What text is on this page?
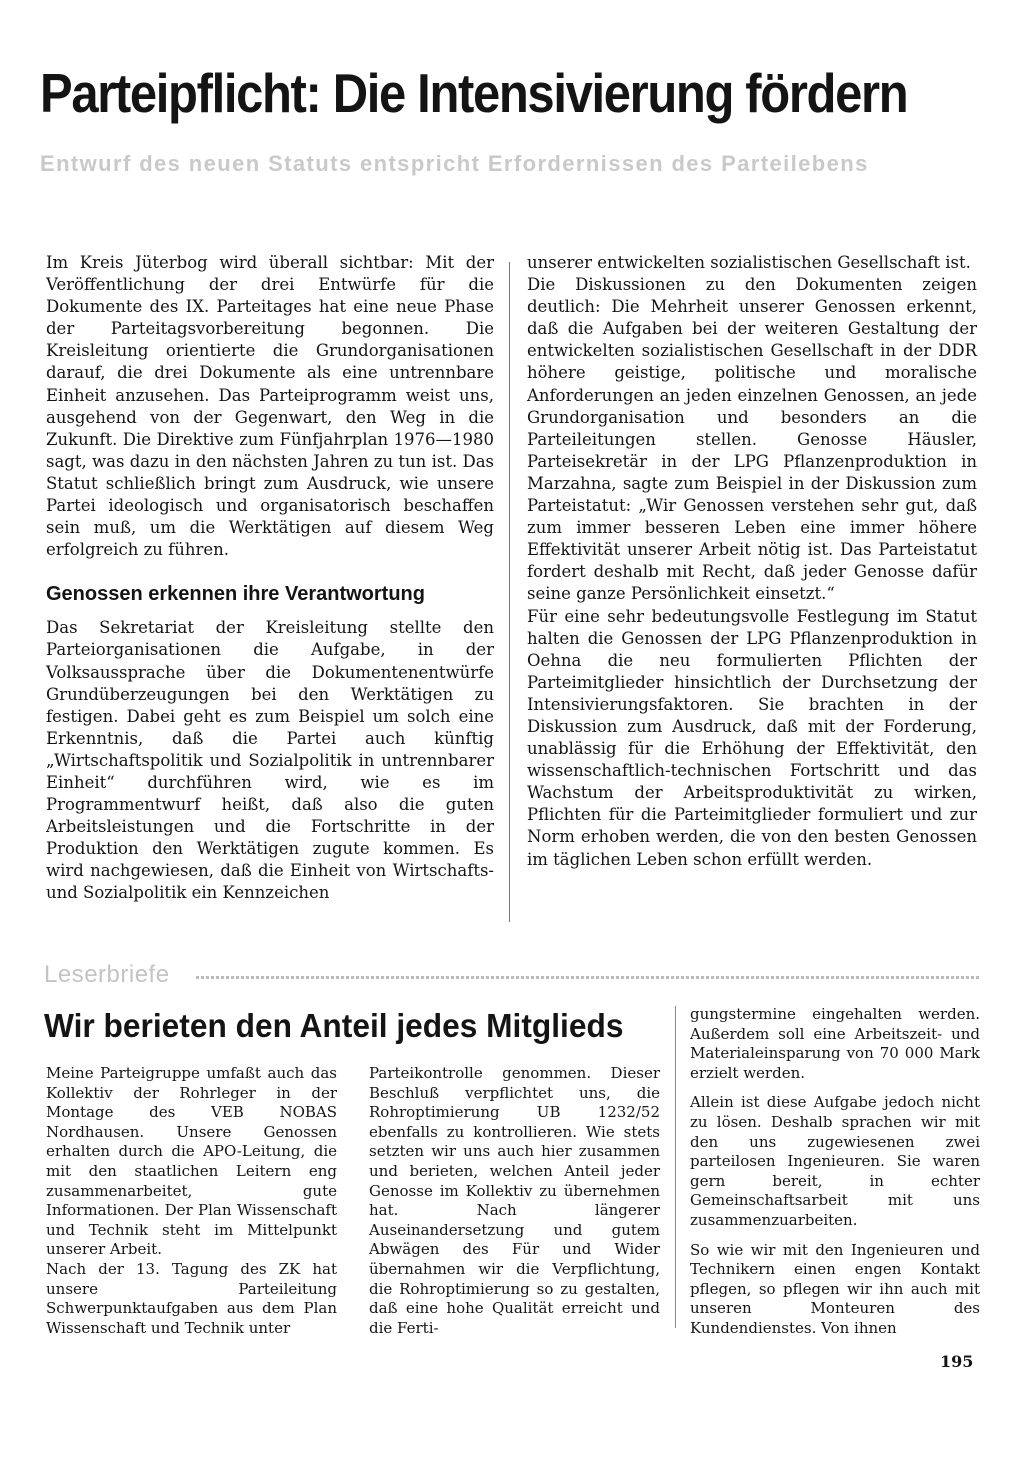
Parteipflicht: Die Intensivierung fördern

Entwurf des neuen Statuts entspricht Erfordernissen des Parteilebens

Im Kreis Jüterbog wird überall sichtbar: Mit der Veröffentlichung der drei Entwürfe für die Dokumente des IX. Parteitages hat eine neue Phase der Parteitagsvorbereitung begonnen. Die Kreisleitung orientierte die Grundorganisationen darauf, die drei Dokumente als eine untrennbare Einheit anzusehen. Das Parteiprogramm weist uns, ausgehend von der Gegenwart, den Weg in die Zukunft. Die Direktive zum Fünfjahrplan 1976—1980 sagt, was dazu in den nächsten Jahren zu tun ist. Das Statut schließlich bringt zum Ausdruck, wie unsere Partei ideologisch und organisatorisch beschaffen sein muß, um die Werktätigen auf diesem Weg erfolgreich zu führen.

Genossen erkennen ihre Verantwortung

Das Sekretariat der Kreisleitung stellte den Parteiorganisationen die Aufgabe, in der Volksaussprache über die Dokumentenentwürfe Grundüberzeugungen bei den Werktätigen zu festigen. Dabei geht es zum Beispiel um solch eine Erkenntnis, daß die Partei auch künftig „Wirtschaftspolitik und Sozialpolitik in untrennbarer Einheit“ durchführen wird, wie es im Programmentwurf heißt, daß also die guten Arbeitsleistungen und die Fortschritte in der Produktion den Werktätigen zugute kommen. Es wird nachgewiesen, daß die Einheit von Wirtschafts- und Sozialpolitik ein Kennzeichen

unserer entwickelten sozialistischen Gesellschaft ist.

Die Diskussionen zu den Dokumenten zeigen deutlich: Die Mehrheit unserer Genossen erkennt, daß die Aufgaben bei der weiteren Gestaltung der entwickelten sozialistischen Gesellschaft in der DDR höhere geistige, politische und moralische Anforderungen an jeden einzelnen Genossen, an jede Grundorganisation und besonders an die Parteileitungen stellen. Genosse Häusler, Parteisekretär in der LPG Pflanzenproduktion in Marzahna, sagte zum Beispiel in der Diskussion zum Parteistatut: „Wir Genossen verstehen sehr gut, daß zum immer besseren Leben eine immer höhere Effektivität unserer Arbeit nötig ist. Das Parteistatut fordert deshalb mit Recht, daß jeder Genosse dafür seine ganze Persönlichkeit einsetzt.“

Für eine sehr bedeutungsvolle Festlegung im Statut halten die Genossen der LPG Pflanzenproduktion in Oehna die neu formulierten Pflichten der Parteimitglieder hinsichtlich der Durchsetzung der Intensivierungsfaktoren. Sie brachten in der Diskussion zum Ausdruck, daß mit der Forderung, unablässig für die Erhöhung der Effektivität, den wissenschaftlich-technischen Fortschritt und das Wachstum der Arbeitsproduktivität zu wirken, Pflichten für die Parteimitglieder formuliert und zur Norm erhoben werden, die von den besten Genossen im täglichen Leben schon erfüllt werden.

Leserbriefe
Wir berieten den Anteil jedes Mitglieds

Meine Parteigruppe umfaßt auch das Kollektiv der Rohrleger in der Montage des VEB NOBAS Nordhausen. Unsere Genossen erhalten durch die APO-Leitung, die mit den staatlichen Leitern eng zusammenarbeitet, gute Informationen. Der Plan Wissenschaft und Technik steht im Mittelpunkt unserer Arbeit.

Nach der 13. Tagung des ZK hat unsere Parteileitung Schwerpunktaufgaben aus dem Plan Wissenschaft und Technik unter

Parteikontrolle genommen. Dieser Beschluß verpflichtet uns, die Rohroptimierung UB 1232/52 ebenfalls zu kontrollieren. Wie stets setzten wir uns auch hier zusammen und berieten, welchen Anteil jeder Genosse im Kollektiv zu übernehmen hat. Nach längerer Auseinandersetzung und gutem Abwägen des Für und Wider übernahmen wir die Verpflichtung, die Rohroptimierung so zu gestalten, daß eine hohe Qualität erreicht und die Ferti-

gungstermine eingehalten werden. Außerdem soll eine Arbeitszeit- und Materialeinsparung von 70 000 Mark erzielt werden.

Allein ist diese Aufgabe jedoch nicht zu lösen. Deshalb sprachen wir mit den uns zugewiesenen zwei parteilosen Ingenieuren. Sie waren gern bereit, in echter Gemeinschaftsarbeit mit uns zusammenzuarbeiten.

So wie wir mit den Ingenieuren und Technikern einen engen Kontakt pflegen, so pflegen wir ihn auch mit unseren Monteuren des Kundendienstes. Von ihnen

195
